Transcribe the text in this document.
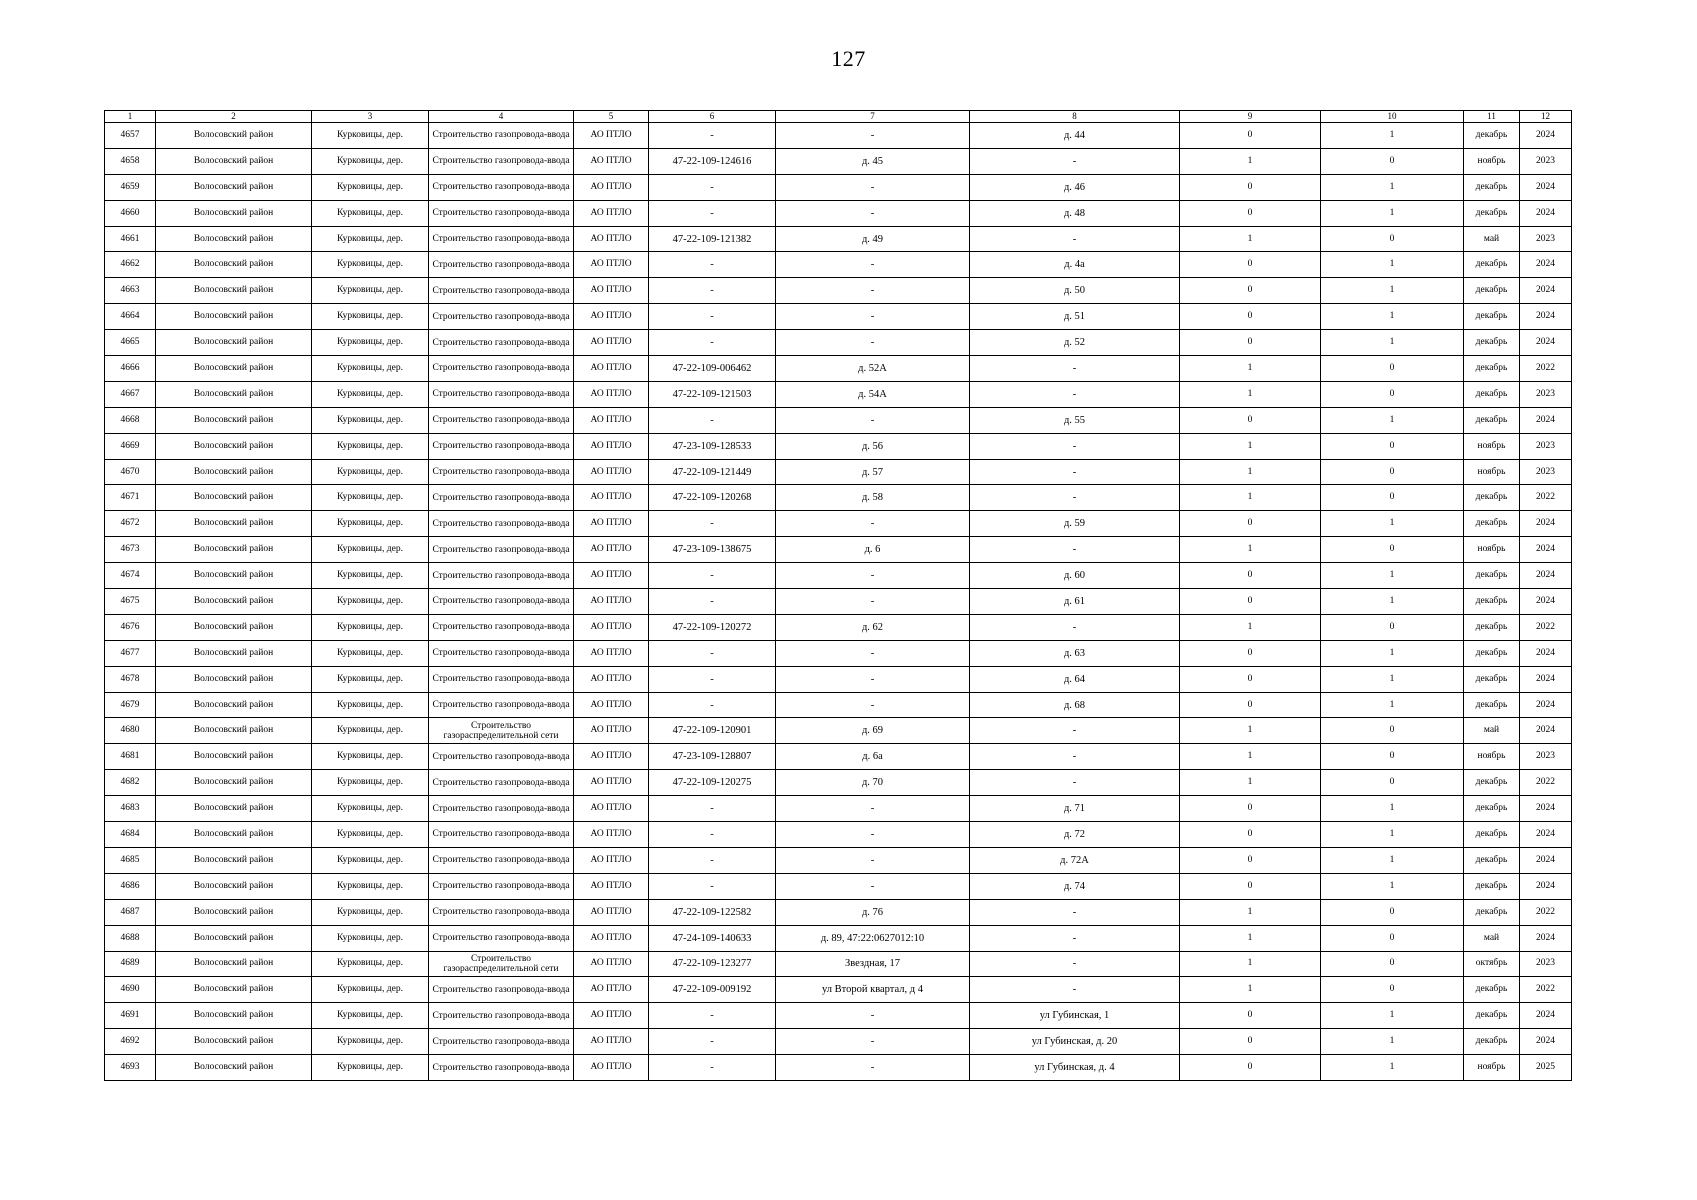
127
1	2	3	4	5	6	7	8	9	10	11	12
4657	Волосовский район	Курковицы, дер.	Строительство газопровода-ввода	АО ПТЛО	-	-	д. 44	0	1	декабрь	2024
4658	Волосовский район	Курковицы, дер.	Строительство газопровода-ввода	АО ПТЛО	47-22-109-124616	д. 45	-	1	0	ноябрь	2023
4659	Волосовский район	Курковицы, дер.	Строительство газопровода-ввода	АО ПТЛО	-	-	д. 46	0	1	декабрь	2024
4660	Волосовский район	Курковицы, дер.	Строительство газопровода-ввода	АО ПТЛО	-	-	д. 48	0	1	декабрь	2024
4661	Волосовский район	Курковицы, дер.	Строительство газопровода-ввода	АО ПТЛО	47-22-109-121382	д. 49	-	1	0	май	2023
4662	Волосовский район	Курковицы, дер.	Строительство газопровода-ввода	АО ПТЛО	-	-	д. 4а	0	1	декабрь	2024
4663	Волосовский район	Курковицы, дер.	Строительство газопровода-ввода	АО ПТЛО	-	-	д. 50	0	1	декабрь	2024
4664	Волосовский район	Курковицы, дер.	Строительство газопровода-ввода	АО ПТЛО	-	-	д. 51	0	1	декабрь	2024
4665	Волосовский район	Курковицы, дер.	Строительство газопровода-ввода	АО ПТЛО	-	-	д. 52	0	1	декабрь	2024
4666	Волосовский район	Курковицы, дер.	Строительство газопровода-ввода	АО ПТЛО	47-22-109-006462	д. 52А	-	1	0	декабрь	2022
4667	Волосовский район	Курковицы, дер.	Строительство газопровода-ввода	АО ПТЛО	47-22-109-121503	д. 54А	-	1	0	декабрь	2023
4668	Волосовский район	Курковицы, дер.	Строительство газопровода-ввода	АО ПТЛО	-	-	д. 55	0	1	декабрь	2024
4669	Волосовский район	Курковицы, дер.	Строительство газопровода-ввода	АО ПТЛО	47-23-109-128533	д. 56	-	1	0	ноябрь	2023
4670	Волосовский район	Курковицы, дер.	Строительство газопровода-ввода	АО ПТЛО	47-22-109-121449	д. 57	-	1	0	ноябрь	2023
4671	Волосовский район	Курковицы, дер.	Строительство газопровода-ввода	АО ПТЛО	47-22-109-120268	д. 58	-	1	0	декабрь	2022
4672	Волосовский район	Курковицы, дер.	Строительство газопровода-ввода	АО ПТЛО	-	-	д. 59	0	1	декабрь	2024
4673	Волосовский район	Курковицы, дер.	Строительство газопровода-ввода	АО ПТЛО	47-23-109-138675	д. 6	-	1	0	ноябрь	2024
4674	Волосовский район	Курковицы, дер.	Строительство газопровода-ввода	АО ПТЛО	-	-	д. 60	0	1	декабрь	2024
4675	Волосовский район	Курковицы, дер.	Строительство газопровода-ввода	АО ПТЛО	-	-	д. 61	0	1	декабрь	2024
4676	Волосовский район	Курковицы, дер.	Строительство газопровода-ввода	АО ПТЛО	47-22-109-120272	д. 62	-	1	0	декабрь	2022
4677	Волосовский район	Курковицы, дер.	Строительство газопровода-ввода	АО ПТЛО	-	-	д. 63	0	1	декабрь	2024
4678	Волосовский район	Курковицы, дер.	Строительство газопровода-ввода	АО ПТЛО	-	-	д. 64	0	1	декабрь	2024
4679	Волосовский район	Курковицы, дер.	Строительство газопровода-ввода	АО ПТЛО	-	-	д. 68	0	1	декабрь	2024
4680	Волосовский район	Курковицы, дер.	Строительство газораспределительной сети	АО ПТЛО	47-22-109-120901	д. 69	-	1	0	май	2024
4681	Волосовский район	Курковицы, дер.	Строительство газопровода-ввода	АО ПТЛО	47-23-109-128807	д. 6а	-	1	0	ноябрь	2023
4682	Волосовский район	Курковицы, дер.	Строительство газопровода-ввода	АО ПТЛО	47-22-109-120275	д. 70	-	1	0	декабрь	2022
4683	Волосовский район	Курковицы, дер.	Строительство газопровода-ввода	АО ПТЛО	-	-	д. 71	0	1	декабрь	2024
4684	Волосовский район	Курковицы, дер.	Строительство газопровода-ввода	АО ПТЛО	-	-	д. 72	0	1	декабрь	2024
4685	Волосовский район	Курковицы, дер.	Строительство газопровода-ввода	АО ПТЛО	-	-	д. 72А	0	1	декабрь	2024
4686	Волосовский район	Курковицы, дер.	Строительство газопровода-ввода	АО ПТЛО	-	-	д. 74	0	1	декабрь	2024
4687	Волосовский район	Курковицы, дер.	Строительство газопровода-ввода	АО ПТЛО	47-22-109-122582	д. 76	-	1	0	декабрь	2022
4688	Волосовский район	Курковицы, дер.	Строительство газопровода-ввода	АО ПТЛО	47-24-109-140633	д. 89, 47:22:0627012:10	-	1	0	май	2024
4689	Волосовский район	Курковицы, дер.	Строительство газораспределительной сети	АО ПТЛО	47-22-109-123277	Звездная, 17	-	1	0	октябрь	2023
4690	Волосовский район	Курковицы, дер.	Строительство газопровода-ввода	АО ПТЛО	47-22-109-009192	ул Второй квартал, д 4	-	1	0	декабрь	2022
4691	Волосовский район	Курковицы, дер.	Строительство газопровода-ввода	АО ПТЛО	-	-	ул Губинская, 1	0	1	декабрь	2024
4692	Волосовский район	Курковицы, дер.	Строительство газопровода-ввода	АО ПТЛО	-	-	ул Губинская, д. 20	0	1	декабрь	2024
4693	Волосовский район	Курковицы, дер.	Строительство газопровода-ввода	АО ПТЛО	-	-	ул Губинская, д. 4	0	1	ноябрь	2025
